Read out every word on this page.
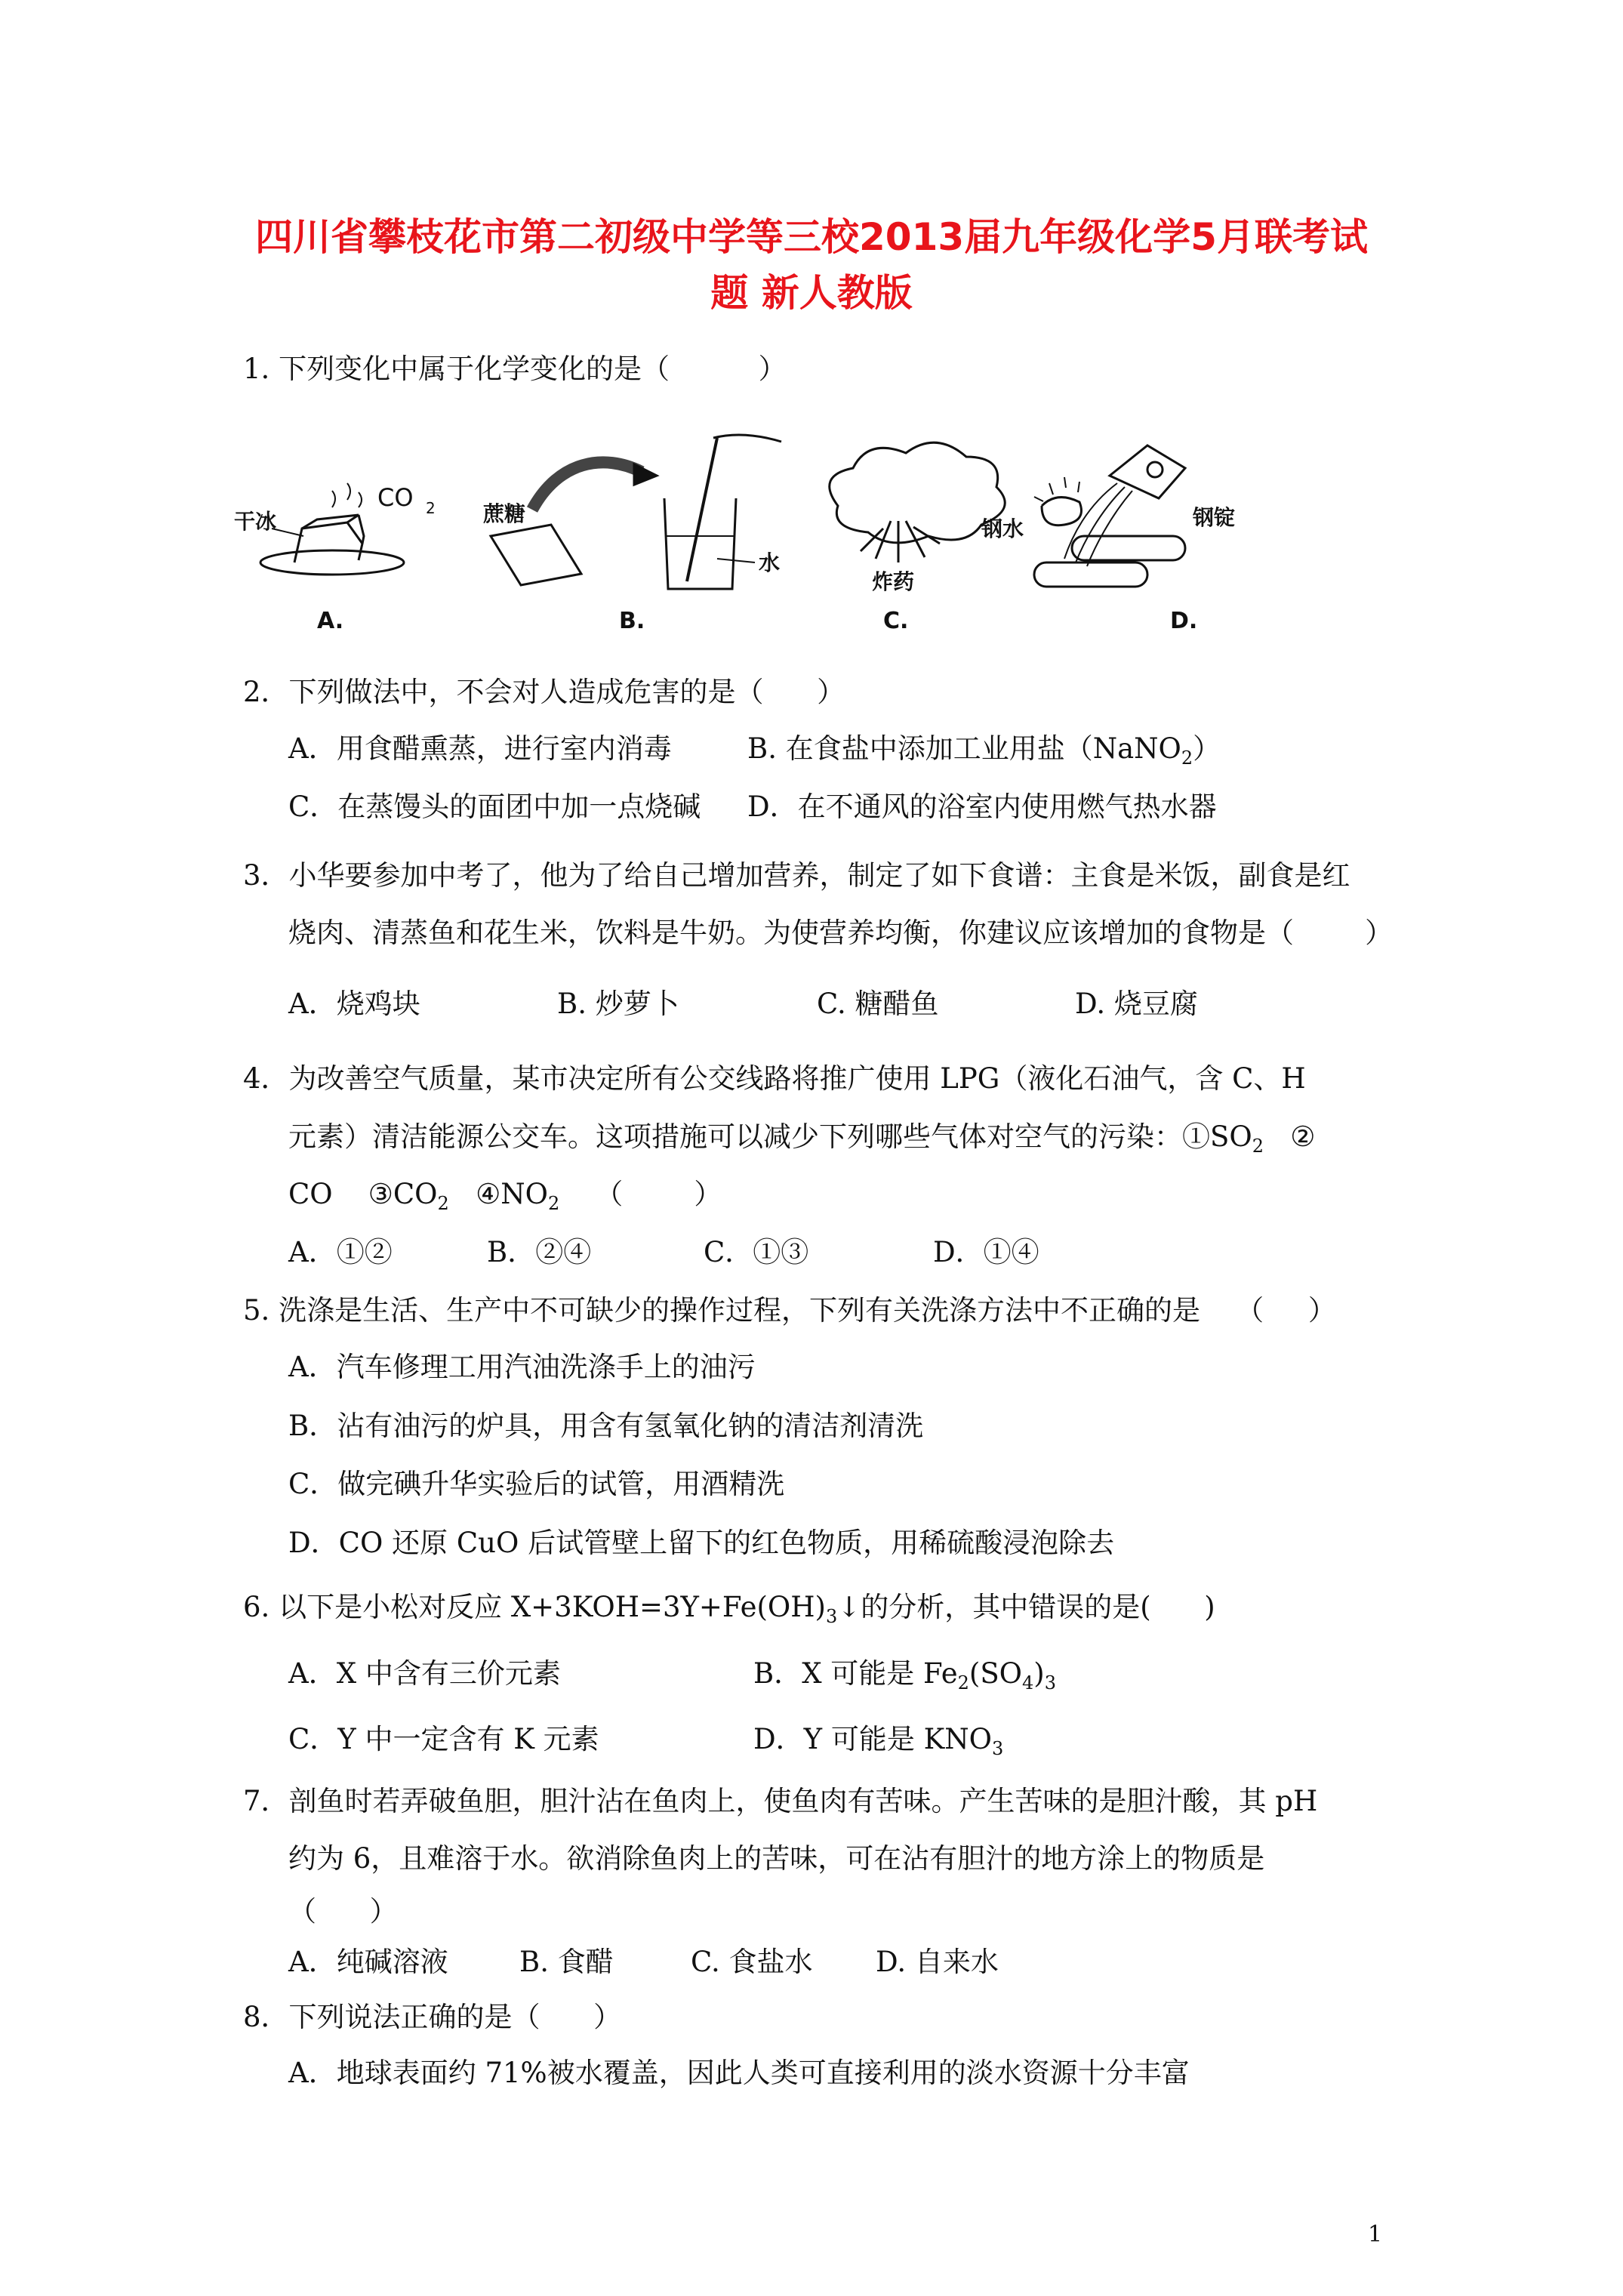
四川省攀枝花市第二初级中学等三校2013届九年级化学5月联考试
题 新人教版
1. 下列变化中属于化学变化的是（          ）
A.
干冰
CO 2
B.
蔗糖
水
C.
炸药
D.
钢水	钢锭
2．下列做法中，不会对人造成危害的是（      ）
A．用食醋熏蒸，进行室内消毒	B. 在食盐中添加工业用盐（NaNO$_2$）
C．在蒸馒头的面团中加一点烧碱 D．在不通风的浴室内使用燃气热水器
3．小华要参加中考了，他为了给自己增加营养，制定了如下食谱：主食是米饭，副食是红
烧肉、清蒸鱼和花生米，饮料是牛奶。为使营养均衡，你建议应该增加的食物是（        ）
A．烧鸡块	B. 炒萝卜	C. 糖醋鱼	D. 烧豆腐
4．为改善空气质量，某市决定所有公交线路将推广使用 LPG（液化石油气，含 C、H
元素）清洁能源公交车。这项措施可以减少下列哪些气体对空气的污染：$①SO_2$   ②
CO    $③CO_2$   $④NO_2$    （        ）
A．①②	B．②④	C．①③	D．①④
5. 洗涤是生活、生产中不可缺少的操作过程，下列有关洗涤方法中不正确的是    （     ）
A．汽车修理工用汽油洗涤手上的油污
B．沾有油污的炉具，用含有氢氧化钠的清洁剂清洗
C．做完碘升华实验后的试管，用酒精洗
D．CO 还原 CuO 后试管壁上留下的红色物质，用稀硫酸浸泡除去
6. 以下是小松对反应 $X+3KOH=3Y+Fe(OH)_3↓$的分析，其中错误的是(      )
A．X 中含有三价元素	B．X 可能是 $Fe_2(SO_4)_3$
C．Y 中一定含有 K 元素	D．Y 可能是 $KNO_3$
7．剖鱼时若弄破鱼胆，胆汁沾在鱼肉上，使鱼肉有苦味。产生苦味的是胆汁酸，其 pH
约为 6，且难溶于水。欲消除鱼肉上的苦味，可在沾有胆汁的地方涂上的物质是
（      ）
A．纯碱溶液	B. 食醋	C. 食盐水 D. 自来水
8．下列说法正确的是（      ）
A．地球表面约 71%被水覆盖，因此人类可直接利用的淡水资源十分丰富
1
